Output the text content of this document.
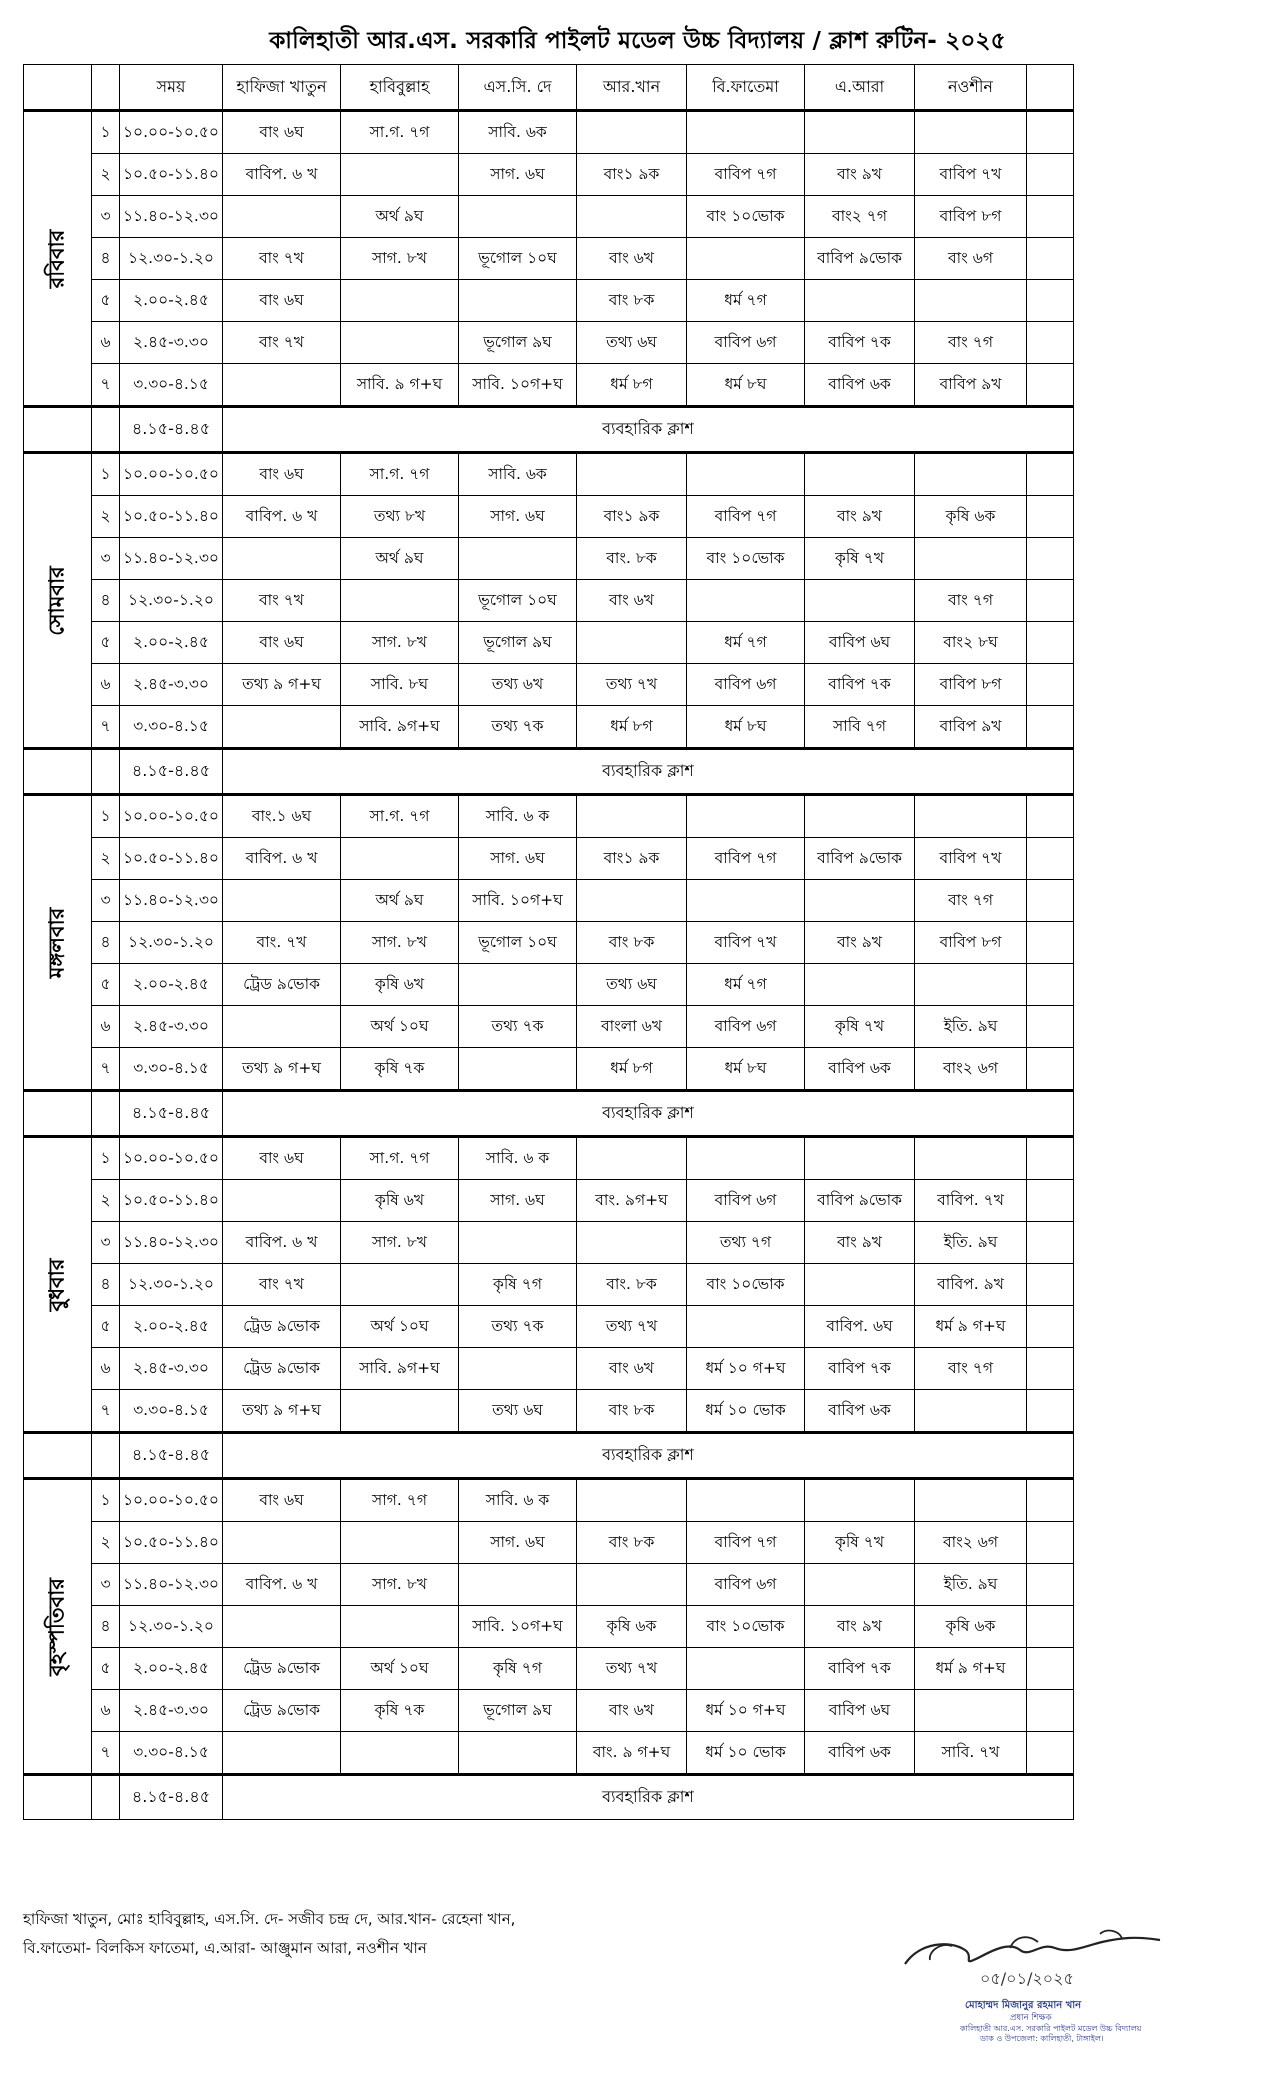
কালিহাতী আর.এস. সরকারি পাইলট মডেল উচ্চ বিদ্যালয় / ক্লাশ রুটিন- ২০২৫
		সময়	হাফিজা খাতুন	হাবিবুল্লাহ	এস.সি. দে	আর.খান	বি.ফাতেমা	এ.আরা	নওশীন	

রবিবার	১	১০.০০-১০.৫০	বাং ৬ঘ	সা.গ. ৭গ	সাবি. ৬ক					
	২	১০.৫০-১১.৪০	বাবিপ. ৬ খ		সাগ. ৬ঘ	বাং১ ৯ক	বাবিপ ৭গ	বাং ৯খ	বাবিপ ৭খ	
	৩	১১.৪০-১২.৩০		অর্থ ৯ঘ			বাং ১০ভোক	বাং২ ৭গ	বাবিপ ৮গ	
	৪	১২.৩০-১.২০	বাং ৭খ	সাগ. ৮খ	ভূগোল ১০ঘ	বাং ৬খ		বাবিপ ৯ভোক	বাং ৬গ	
	৫	২.০০-২.৪৫	বাং ৬ঘ			বাং ৮ক	ধর্ম ৭গ			
	৬	২.৪৫-৩.৩০	বাং ৭খ		ভূগোল ৯ঘ	তথ্য ৬ঘ	বাবিপ ৬গ	বাবিপ ৭ক	বাং ৭গ	
	৭	৩.৩০-৪.১৫		সাবি. ৯ গ+ঘ	সাবি. ১০গ+ঘ	ধর্ম ৮গ	ধর্ম ৮ঘ	বাবিপ ৬ক	বাবিপ ৯খ	
		৪.১৫-৪.৪৫	ব্যবহারিক ক্লাশ							

সোমবার	১	১০.০০-১০.৫০	বাং ৬ঘ	সা.গ. ৭গ	সাবি. ৬ক					
	২	১০.৫০-১১.৪০	বাবিপ. ৬ খ	তথ্য ৮খ	সাগ. ৬ঘ	বাং১ ৯ক	বাবিপ ৭গ	বাং ৯খ	কৃষি ৬ক	
	৩	১১.৪০-১২.৩০		অর্থ ৯ঘ		বাং. ৮ক	বাং ১০ভোক	কৃষি ৭খ		
	৪	১২.৩০-১.২০	বাং ৭খ		ভূগোল ১০ঘ	বাং ৬খ			বাং ৭গ	
	৫	২.০০-২.৪৫	বাং ৬ঘ	সাগ. ৮খ	ভূগোল ৯ঘ		ধর্ম ৭গ	বাবিপ ৬ঘ	বাং২ ৮ঘ	
	৬	২.৪৫-৩.৩০	তথ্য ৯ গ+ঘ	সাবি. ৮ঘ	তথ্য ৬খ	তথ্য ৭খ	বাবিপ ৬গ	বাবিপ ৭ক	বাবিপ ৮গ	
	৭	৩.৩০-৪.১৫		সাবি. ৯গ+ঘ	তথ্য ৭ক	ধর্ম ৮গ	ধর্ম ৮ঘ	সাবি ৭গ	বাবিপ ৯খ	
		৪.১৫-৪.৪৫	ব্যবহারিক ক্লাশ							

মঙ্গলবার	১	১০.০০-১০.৫০	বাং.১ ৬ঘ	সা.গ. ৭গ	সাবি. ৬ ক					
	২	১০.৫০-১১.৪০	বাবিপ. ৬ খ		সাগ. ৬ঘ	বাং১ ৯ক	বাবিপ ৭গ	বাবিপ ৯ভোক	বাবিপ ৭খ	
	৩	১১.৪০-১২.৩০		অর্থ ৯ঘ	সাবি. ১০গ+ঘ				বাং ৭গ	
	৪	১২.৩০-১.২০	বাং. ৭খ	সাগ. ৮খ	ভূগোল ১০ঘ	বাং ৮ক	বাবিপ ৭খ	বাং ৯খ	বাবিপ ৮গ	
	৫	২.০০-২.৪৫	ট্রেড ৯ভোক	কৃষি ৬খ		তথ্য ৬ঘ	ধর্ম ৭গ			
	৬	২.৪৫-৩.৩০		অর্থ ১০ঘ	তথ্য ৭ক	বাংলা ৬খ	বাবিপ ৬গ	কৃষি ৭খ	ইতি. ৯ঘ	
	৭	৩.৩০-৪.১৫	তথ্য ৯ গ+ঘ	কৃষি ৭ক		ধর্ম ৮গ	ধর্ম ৮ঘ	বাবিপ ৬ক	বাং২ ৬গ	
		৪.১৫-৪.৪৫	ব্যবহারিক ক্লাশ							

বুধবার	১	১০.০০-১০.৫০	বাং ৬ঘ	সা.গ. ৭গ	সাবি. ৬ ক					
	২	১০.৫০-১১.৪০		কৃষি ৬খ	সাগ. ৬ঘ	বাং. ৯গ+ঘ	বাবিপ ৬গ	বাবিপ ৯ভোক	বাবিপ. ৭খ	
	৩	১১.৪০-১২.৩০	বাবিপ. ৬ খ	সাগ. ৮খ			তথ্য ৭গ	বাং ৯খ	ইতি. ৯ঘ	
	৪	১২.৩০-১.২০	বাং ৭খ		কৃষি ৭গ	বাং. ৮ক	বাং ১০ভোক		বাবিপ. ৯খ	
	৫	২.০০-২.৪৫	ট্রেড ৯ভোক	অর্থ ১০ঘ	তথ্য ৭ক	তথ্য ৭খ		বাবিপ. ৬ঘ	ধর্ম ৯ গ+ঘ	
	৬	২.৪৫-৩.৩০	ট্রেড ৯ভোক	সাবি. ৯গ+ঘ		বাং ৬খ	ধর্ম ১০ গ+ঘ	বাবিপ ৭ক	বাং ৭গ	
	৭	৩.৩০-৪.১৫	তথ্য ৯ গ+ঘ		তথ্য ৬ঘ	বাং ৮ক	ধর্ম ১০ ভোক	বাবিপ ৬ক		
		৪.১৫-৪.৪৫	ব্যবহারিক ক্লাশ							

বৃহস্পতিবার	১	১০.০০-১০.৫০	বাং ৬ঘ	সাগ. ৭গ	সাবি. ৬ ক					
	২	১০.৫০-১১.৪০			সাগ. ৬ঘ	বাং ৮ক	বাবিপ ৭গ	কৃষি ৭খ	বাং২ ৬গ	
	৩	১১.৪০-১২.৩০	বাবিপ. ৬ খ	সাগ. ৮খ			বাবিপ ৬গ		ইতি. ৯ঘ	
	৪	১২.৩০-১.২০			সাবি. ১০গ+ঘ	কৃষি ৬ক	বাং ১০ভোক	বাং ৯খ	কৃষি ৬ক	
	৫	২.০০-২.৪৫	ট্রেড ৯ভোক	অর্থ ১০ঘ	কৃষি ৭গ	তথ্য ৭খ		বাবিপ ৭ক	ধর্ম ৯ গ+ঘ	
	৬	২.৪৫-৩.৩০	ট্রেড ৯ভোক	কৃষি ৭ক	ভূগোল ৯ঘ	বাং ৬খ	ধর্ম ১০ গ+ঘ	বাবিপ ৬ঘ		
	৭	৩.৩০-৪.১৫				বাং. ৯ গ+ঘ	ধর্ম ১০ ভোক	বাবিপ ৬ক	সাবি. ৭খ	
		৪.১৫-৪.৪৫	ব্যবহারিক ক্লাশ							
হাফিজা খাতুন, মোঃ হাবিবুল্লাহ, এস.সি. দে- সজীব চন্দ্র দে, আর.খান- রেহেনা খান,
বি.ফাতেমা- বিলকিস ফাতেমা, এ.আরা- আঞ্জুমান আরা, নওশীন খান
০৫/০১/২০২৫
মোহাম্মদ মিজানুর রহমান খান
প্রধান শিক্ষক
কালিহাতী আর.এস. সরকারি পাইলট মডেল উচ্চ বিদ্যালয়
ডাক ও উপজেলা: কালিহাতী, টাঙ্গাইল।
